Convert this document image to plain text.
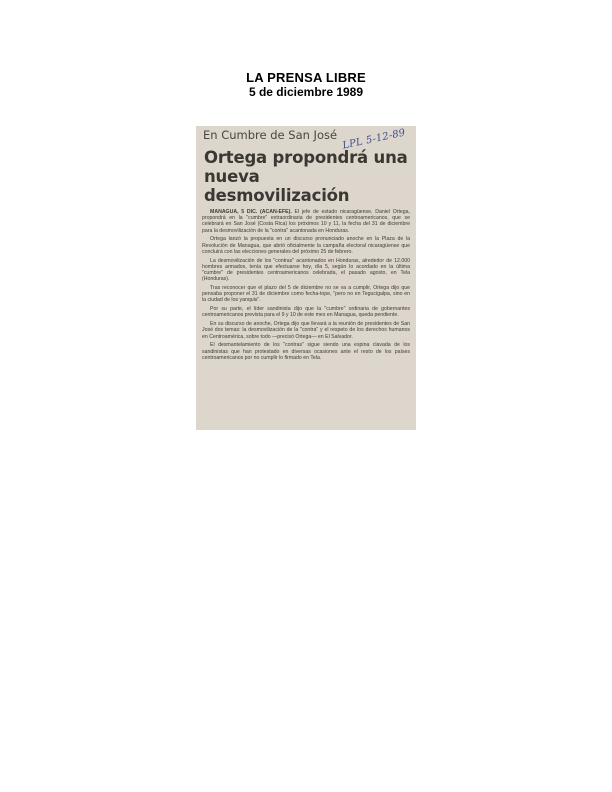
LA PRENSA LIBRE
5 de diciembre 1989
En Cumbre de San José LPL 5-12-89
Ortega propondrá una
nueva desmovilización

MANAGUA, 5 DIC. (ACAN-EFE). El jefe de estado nicaragüense, Daniel Ortega, propondrá en la "cumbre" extraordinaria de presidentes centroamericanos, que se celebrará en San José (Costa Rica) los próximos 10 y 11, la fecha del 31 de diciembre para la desmovilización de la "contra" acantonada en Honduras.

Ortega lanzó la propuesta en un discurso pronunciado anoche en la Plaza de la Revolución de Managua, que abrió oficialmente la campaña electoral nicaragüense que concluirá con las elecciones generales del próximo 25 de febrero.

La desmovilización de los "contras" acantonados en Honduras, alrededor de 12.000 hombres armados, tenía que efectuarse hoy, día 5, según lo acordado en la última "cumbre" de presidentes centroamericanos celebrada, el pasado agosto, en Tela (Honduras).

Tras reconocer que el plazo del 5 de diciembre no se va a cumplir, Ortega dijo que pensaba proponer el 31 de diciembre como fecha-tope, "pero no en Tegucigalpa, sino en la ciudad de los yanquis".

Por su parte, el líder sandinista dijo que la "cumbre" ordinaria de gobernantes centroamericanos prevista para el 9 y 10 de este mes en Managua, queda pendiente.

En su discurso de anoche, Ortega dijo que llevará a la reunión de presidentes de San José dos temas: la desmovilización de la "contra" y el respeto de los derechos humanos en Centroamérica, sobre todo —precisó Ortega— en El Salvador.

El desmantelamiento de los "contras" sigue siendo una espina clavada de los sandinistas que han protestado en diversas ocasiones ante el resto de los países centroamericanos por no cumplir lo firmado en Tela.
